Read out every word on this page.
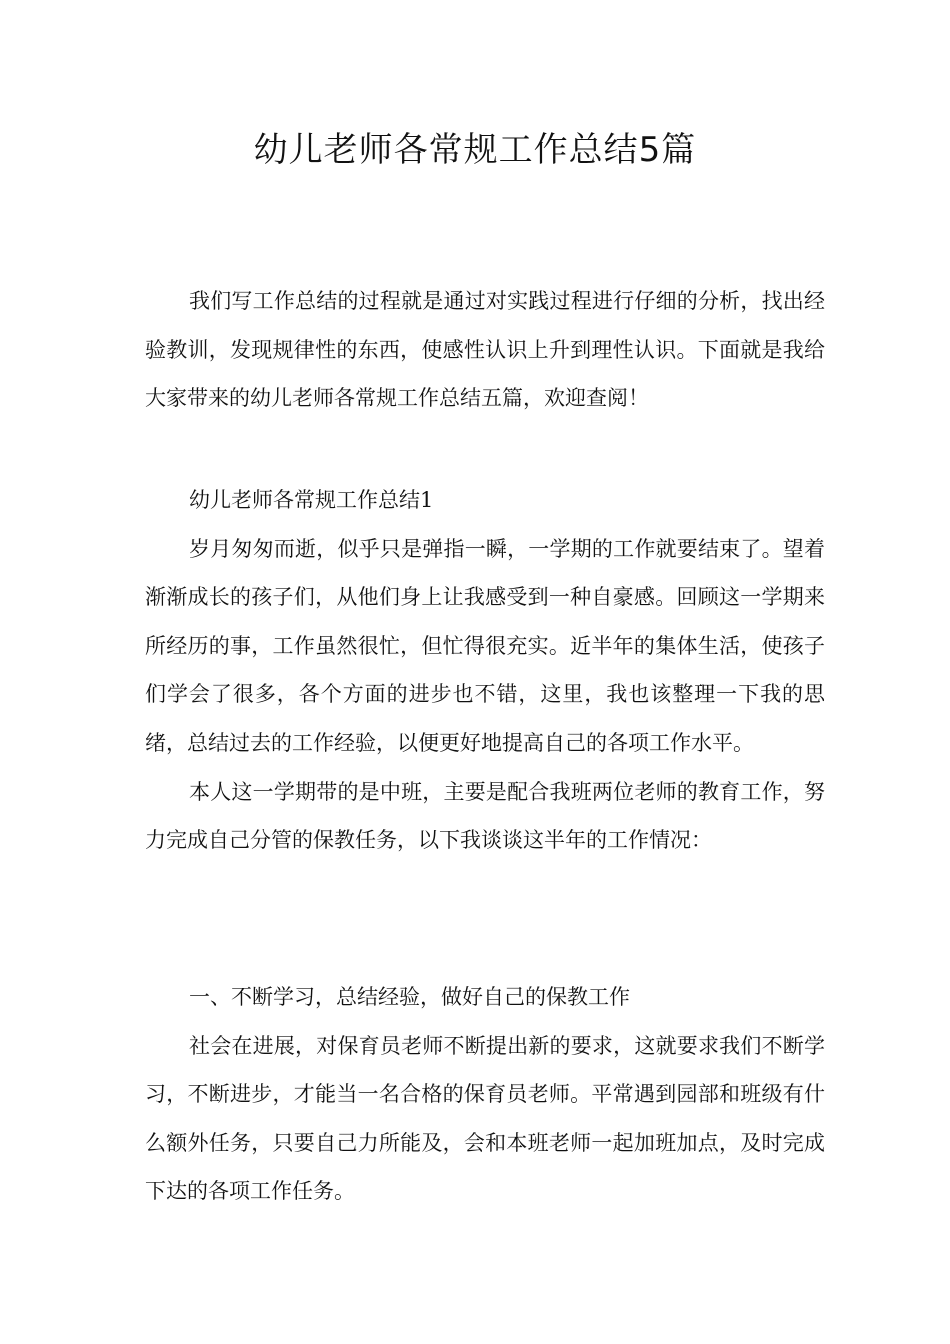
幼儿老师各常规工作总结5篇

我们写工作总结的过程就是通过对实践过程进行仔细的分析，找出经验教训，发现规律性的东西，使感性认识上升到理性认识。下面就是我给大家带来的幼儿老师各常规工作总结五篇，欢迎查阅！

幼儿老师各常规工作总结1

岁月匆匆而逝，似乎只是弹指一瞬，一学期的工作就要结束了。望着渐渐成长的孩子们，从他们身上让我感受到一种自豪感。回顾这一学期来所经历的事，工作虽然很忙，但忙得很充实。近半年的集体生活，使孩子们学会了很多，各个方面的进步也不错，这里，我也该整理一下我的思绪，总结过去的工作经验，以便更好地提高自己的各项工作水平。

本人这一学期带的是中班，主要是配合我班两位老师的教育工作，努力完成自己分管的保教任务，以下我谈谈这半年的工作情况：

一、不断学习，总结经验，做好自己的保教工作

社会在进展，对保育员老师不断提出新的要求，这就要求我们不断学习，不断进步，才能当一名合格的保育员老师。平常遇到园部和班级有什么额外任务，只要自己力所能及，会和本班老师一起加班加点，及时完成下达的各项工作任务。
